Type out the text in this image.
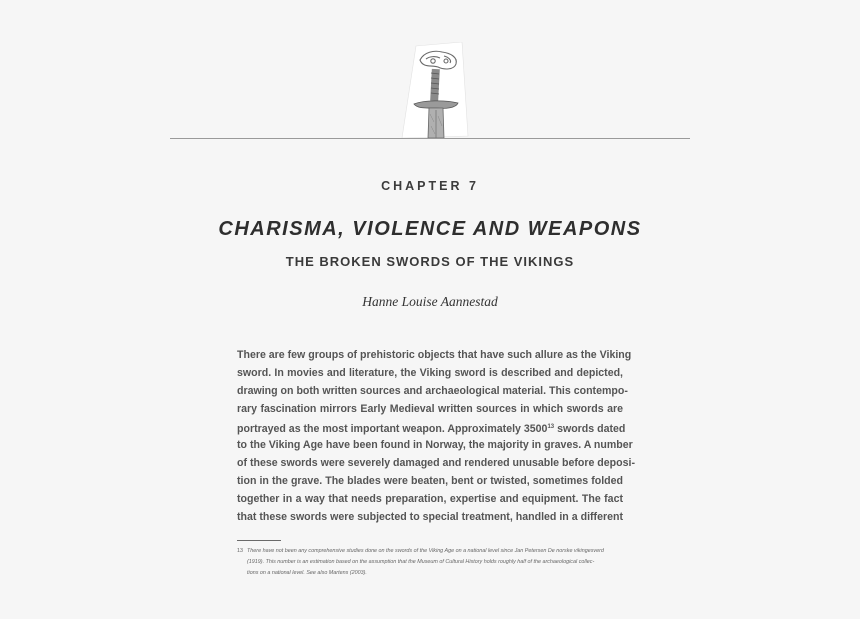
CHAPTER 7
CHARISMA, VIOLENCE AND WEAPONS
THE BROKEN SWORDS OF THE VIKINGS
Hanne Louise Aannestad
There are few groups of prehistoric objects that have such allure as the Viking
sword. In movies and literature, the Viking sword is described and depicted,
drawing on both written sources and archaeological material. This contempo-
rary fascination mirrors Early Medieval written sources in which swords are
portrayed as the most important weapon. Approximately 3500$^{13}$ swords dated
to the Viking Age have been found in Norway, the majority in graves. A number
of these swords were severely damaged and rendered unusable before deposi-
tion in the grave. The blades were beaten, bent or twisted, sometimes folded
together in a way that needs preparation, expertise and equipment. The fact
that these swords were subjected to special treatment, handled in a different
13 There have not been any comprehensive studies done on the swords of the Viking Age on a national level since Jan Petersen De norske vikingesverd
(1919). This number is an estimation based on the assumption that the Museum of Cultural History holds roughly half of the archaeological collec-
tions on a national level. See also Martens (2003).
